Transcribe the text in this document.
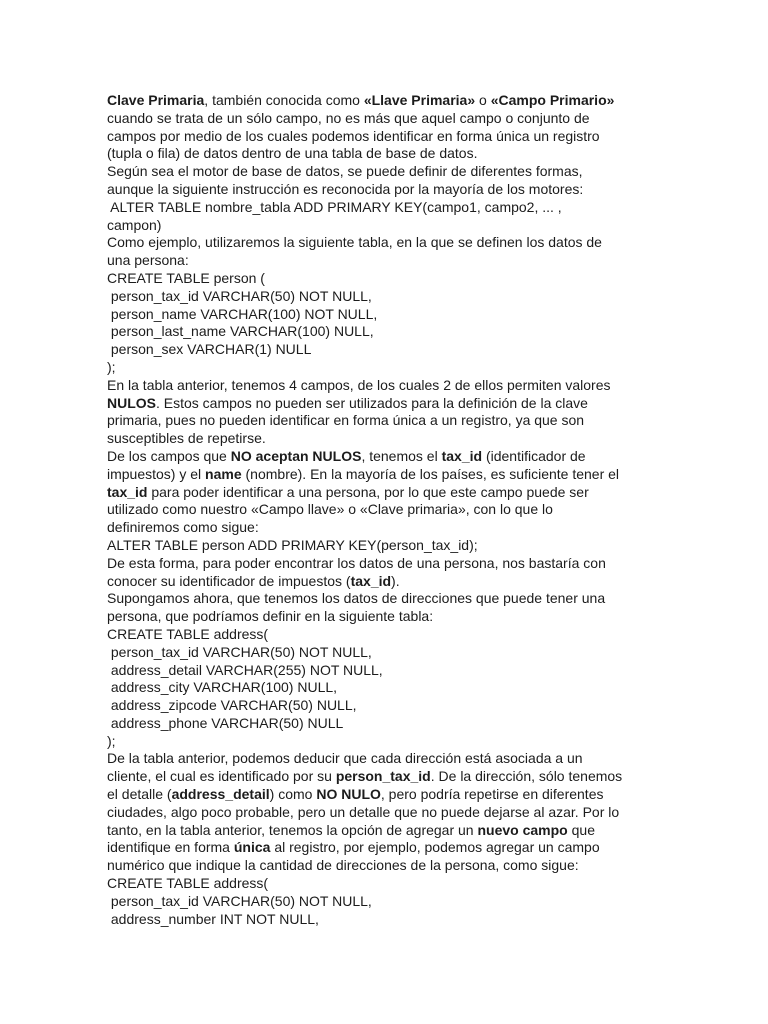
Clave Primaria, también conocida como «Llave Primaria» o «Campo Primario»

cuando se trata de un sólo campo, no es más que aquel campo o conjunto de

campos por medio de los cuales podemos identificar en forma única un registro

(tupla o fila) de datos dentro de una tabla de base de datos.

Según sea el motor de base de datos, se puede definir de diferentes formas,

aunque la siguiente instrucción es reconocida por la mayoría de los motores:

ALTER TABLE nombre_tabla ADD PRIMARY KEY(campo1, campo2, ... ,

campon)

Como ejemplo, utilizaremos la siguiente tabla, en la que se definen los datos de

una persona:

CREATE TABLE person (

person_tax_id VARCHAR(50) NOT NULL,

person_name VARCHAR(100) NOT NULL,

person_last_name VARCHAR(100) NULL,

person_sex VARCHAR(1) NULL

);

En la tabla anterior, tenemos 4 campos, de los cuales 2 de ellos permiten valores

NULOS. Estos campos no pueden ser utilizados para la definición de la clave

primaria, pues no pueden identificar en forma única a un registro, ya que son

susceptibles de repetirse.

De los campos que NO aceptan NULOS, tenemos el tax_id (identificador de

impuestos) y el name (nombre). En la mayoría de los países, es suficiente tener el

tax_id para poder identificar a una persona, por lo que este campo puede ser

utilizado como nuestro «Campo llave» o «Clave primaria», con lo que lo

definiremos como sigue:

ALTER TABLE person ADD PRIMARY KEY(person_tax_id);

De esta forma, para poder encontrar los datos de una persona, nos bastaría con

conocer su identificador de impuestos (tax_id).

Supongamos ahora, que tenemos los datos de direcciones que puede tener una

persona, que podríamos definir en la siguiente tabla:

CREATE TABLE address(

person_tax_id VARCHAR(50) NOT NULL,

address_detail VARCHAR(255) NOT NULL,

address_city VARCHAR(100) NULL,

address_zipcode VARCHAR(50) NULL,

address_phone VARCHAR(50) NULL

);

De la tabla anterior, podemos deducir que cada dirección está asociada a un

cliente, el cual es identificado por su person_tax_id. De la dirección, sólo tenemos

el detalle (address_detail) como NO NULO, pero podría repetirse en diferentes

ciudades, algo poco probable, pero un detalle que no puede dejarse al azar. Por lo

tanto, en la tabla anterior, tenemos la opción de agregar un nuevo campo que

identifique en forma única al registro, por ejemplo, podemos agregar un campo

numérico que indique la cantidad de direcciones de la persona, como sigue:

CREATE TABLE address(

person_tax_id VARCHAR(50) NOT NULL,

address_number INT NOT NULL,
